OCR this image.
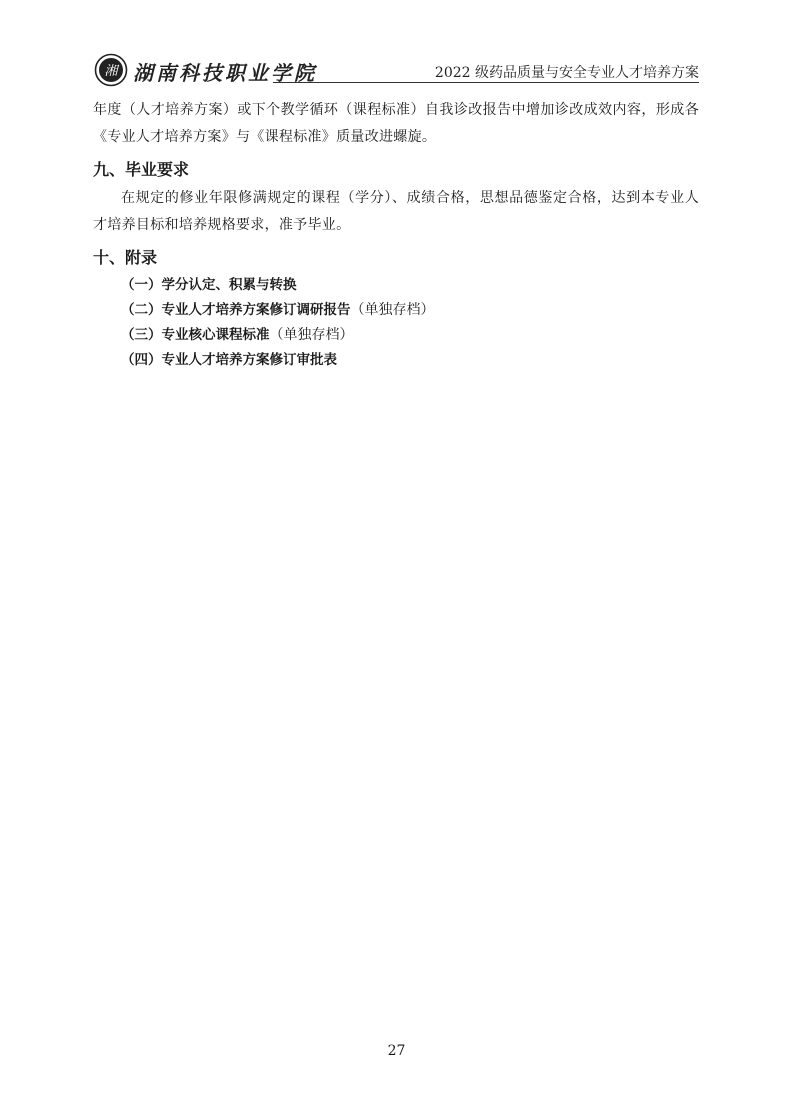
湘 湖南科技职业学院	2022 级药品质量与安全专业人才培养方案

年度（人才培养方案）或下个教学循环（课程标准）自我诊改报告中增加诊改成效内容，形成各《专业人才培养方案》与《课程标准》质量改进螺旋。

九、毕业要求

在规定的修业年限修满规定的课程（学分）、成绩合格，思想品德鉴定合格，达到本专业人才培养目标和培养规格要求，准予毕业。

十、附录
（一）学分认定、积累与转换
（二）专业人才培养方案修订调研报告（单独存档）
（三）专业核心课程标准（单独存档）
（四）专业人才培养方案修订审批表
27
